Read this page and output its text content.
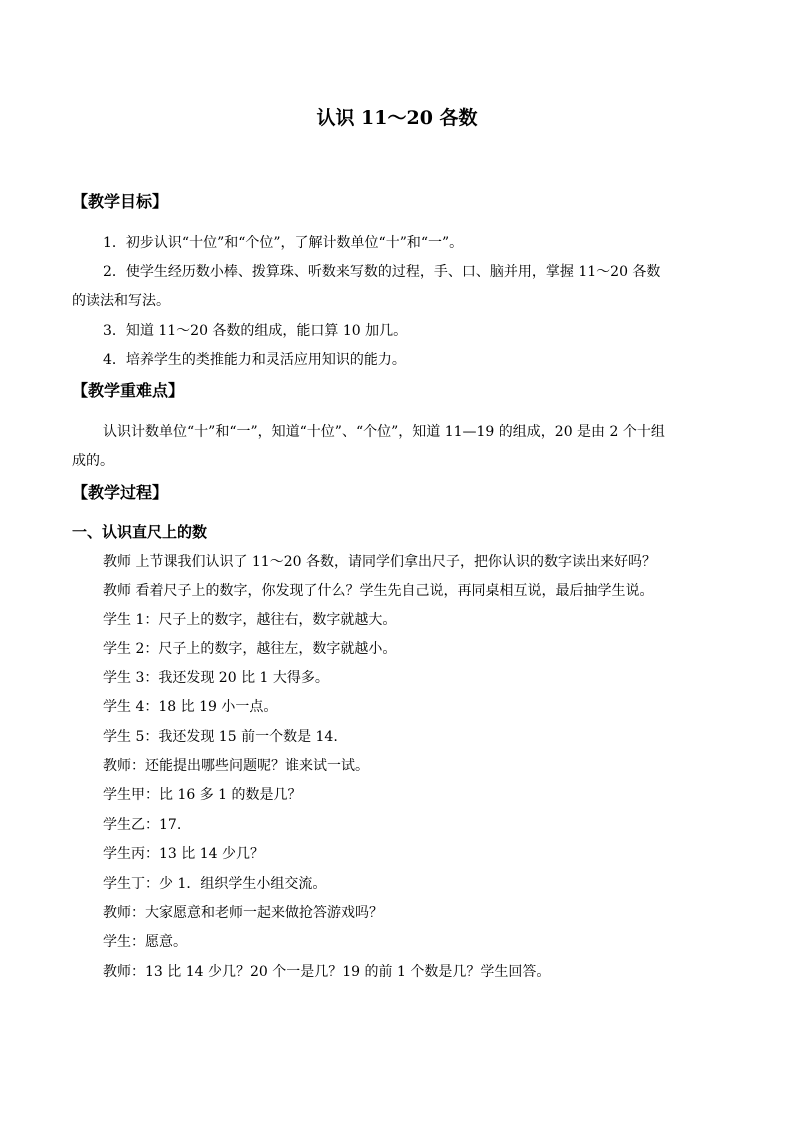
认识 11～20 各数
【教学目标】
1．初步认识“十位”和“个位”，了解计数单位“十”和“一”。
2．使学生经历数小棒、拨算珠、听数来写数的过程，手、口、脑并用，掌握 11～20 各数
的读法和写法。
3．知道 11～20 各数的组成，能口算 10 加几。
4．培养学生的类推能力和灵活应用知识的能力。
【教学重难点】
认识计数单位“十”和“一”，知道“十位”、“个位”，知道 11—19 的组成，20 是由 2 个十组
成的。
【教学过程】
一、认识直尺上的数
教师 上节课我们认识了 11～20 各数，请同学们拿出尺子，把你认识的数字读出来好吗？
教师 看着尺子上的数字，你发现了什么？学生先自己说，再同桌相互说，最后抽学生说。
学生 1：尺子上的数字，越往右，数字就越大。
学生 2：尺子上的数字，越往左，数字就越小。
学生 3：我还发现 20 比 1 大得多。
学生 4：18 比 19 小一点。
学生 5：我还发现 15 前一个数是 14.
教师：还能提出哪些问题呢？谁来试一试。
学生甲：比 16 多 1 的数是几？
学生乙：17.
学生丙：13 比 14 少几？
学生丁：少 1．组织学生小组交流。
教师：大家愿意和老师一起来做抢答游戏吗？
学生：愿意。
教师：13 比 14 少几？20 个一是几？19 的前 1 个数是几？学生回答。
